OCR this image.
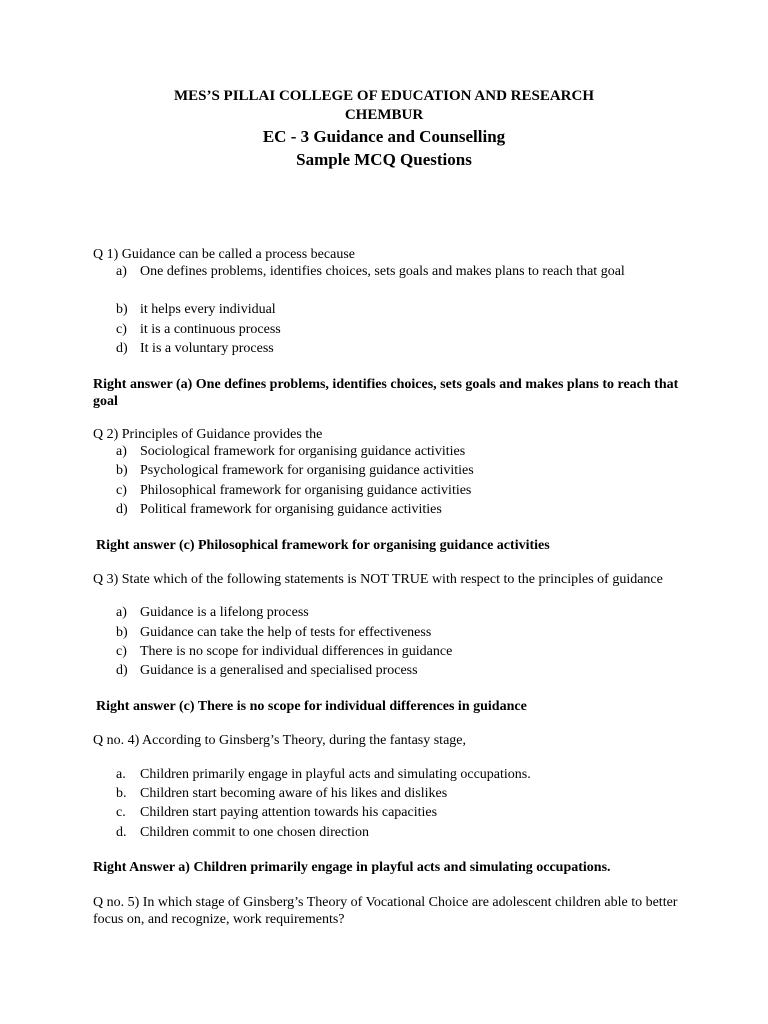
MES’S PILLAI COLLEGE OF EDUCATION AND RESEARCH
CHEMBUR
EC - 3 Guidance and Counselling
Sample MCQ Questions
Q 1) Guidance can be called a process because
a) One defines problems, identifies choices, sets goals and makes plans to reach that goal
b) it helps every individual
c) it is a continuous process
d) It is a voluntary process
Right answer (a) One defines problems, identifies choices, sets goals and makes plans to reach that goal
Q 2) Principles of Guidance provides the
a) Sociological framework for organising guidance activities
b) Psychological framework for organising guidance activities
c) Philosophical framework for organising guidance activities
d) Political framework for organising guidance activities
Right answer (c) Philosophical framework for organising guidance activities
Q 3) State which of the following statements is NOT TRUE with respect to the principles of guidance
a) Guidance is a lifelong process
b) Guidance can take the help of tests for effectiveness
c) There is no scope for individual differences in guidance
d) Guidance is a generalised and specialised process
Right answer (c) There is no scope for individual differences in guidance
Q no. 4) According to Ginsberg’s Theory, during the fantasy stage,
a. Children primarily engage in playful acts and simulating occupations.
b. Children start becoming aware of his likes and dislikes
c. Children start paying attention towards his capacities
d. Children commit to one chosen direction
Right Answer a) Children primarily engage in playful acts and simulating occupations.
Q no. 5) In which stage of Ginsberg’s Theory of Vocational Choice are adolescent children able to better focus on, and recognize, work requirements?
